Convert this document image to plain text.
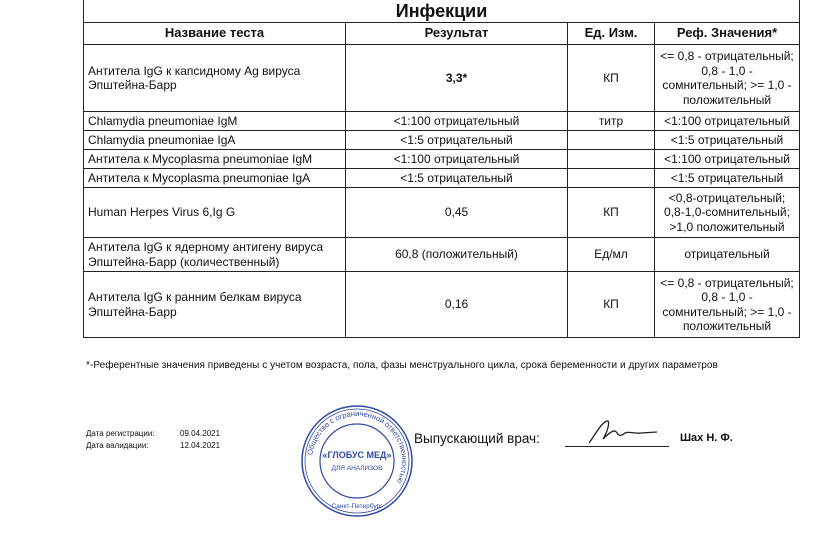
Инфекции			
Название теста	Результат	Ед. Изм.	Реф. Значения*
Антитела IgG к капсидному Ag вируса Эпштейна-Барр	3,3*	КП	<= 0,8 - отрицательный; 0,8 - 1,0 - сомнительный; >= 1,0 - положительный
Chlamydia pneumoniae IgM	<1:100 отрицательный	титр	<1:100 отрицательный
Chlamydia pneumoniae IgA	<1:5 отрицательный		<1:5 отрицательный
Антитела к Mycoplasma pneumoniae IgM	<1:100 отрицательный		<1:100 отрицательный
Антитела к Mycoplasma pneumoniae IgA	<1:5 отрицательный		<1:5 отрицательный
Human Herpes Virus 6,Ig G	0,45	КП	<0,8-отрицательный; 0,8-1,0-сомнительный; >1,0 положительный
Антитела IgG к ядерному антигену вируса Эпштейна-Барр (количественный)	60,8 (положительный)	Ед/мл	отрицательный
Антитела IgG к ранним белкам вируса Эпштейна-Барр	0,16	КП	<= 0,8 - отрицательный; 0,8 - 1,0 - сомнительный; >= 1,0 - положительный
*-Референтные значения приведены с учетом возраста, пола, фазы менструального цикла, срока беременности и других параметров
Дата регистрации:	09.04.2021
Дата валидации:	12.04.2021
Общество с ограниченной ответственностью
«ГЛОБУС МЕД»
ДЛЯ АНАЛИЗОВ
Санкт-Петербург
Выпускающий врач:	Шах Н. Ф.
